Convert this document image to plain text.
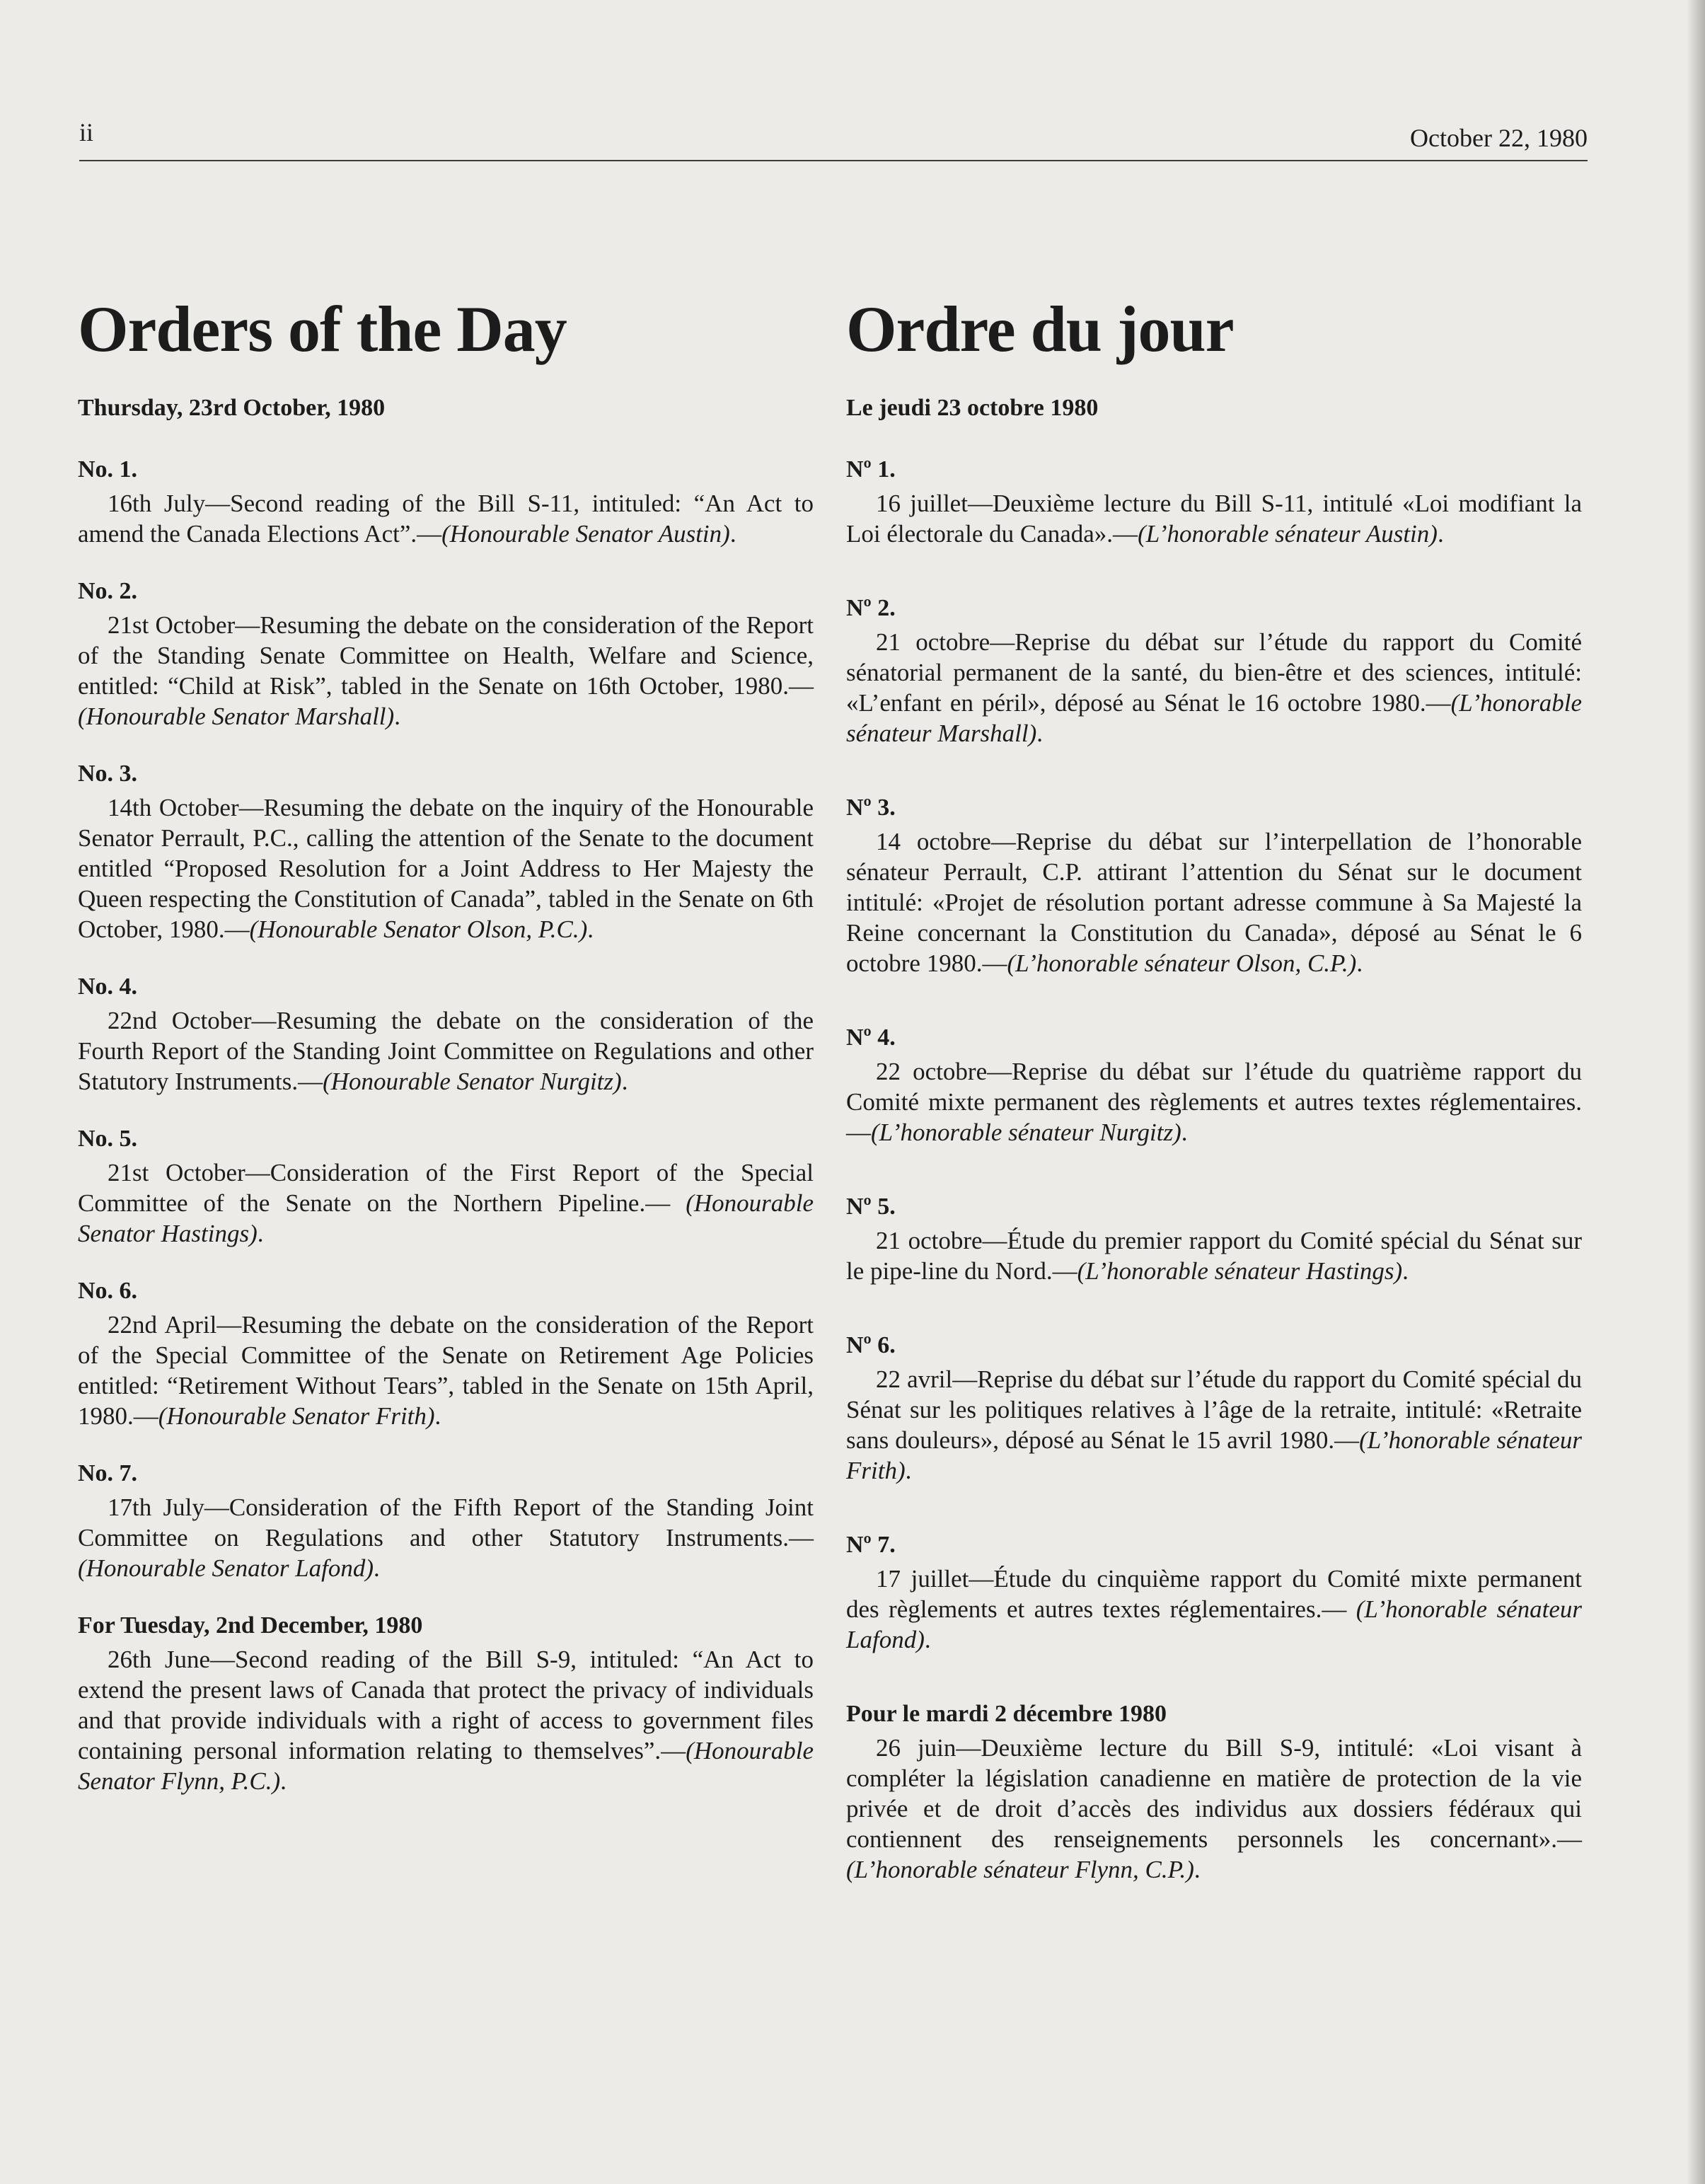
ii	October 22, 1980
Orders of the Day
Thursday, 23rd October, 1980
No. 1.

16th July—Second reading of the Bill S-11, intituled: “An Act to amend the Canada Elections Act”.—(Honourable Senator Austin).

No. 2.

21st October—Resuming the debate on the consideration of the Report of the Standing Senate Committee on Health, Welfare and Science, entitled: “Child at Risk”, tabled in the Senate on 16th October, 1980.—(Honourable Senator Marshall).

No. 3.

14th October—Resuming the debate on the inquiry of the Honourable Senator Perrault, P.C., calling the attention of the Senate to the document entitled “Proposed Resolution for a Joint Address to Her Majesty the Queen respecting the Constitution of Canada”, tabled in the Senate on 6th October, 1980.—(Honourable Senator Olson, P.C.).

No. 4.

22nd October—Resuming the debate on the consideration of the Fourth Report of the Standing Joint Committee on Regulations and other Statutory Instruments.—(Honourable Senator Nurgitz).

No. 5.

21st October—Consideration of the First Report of the Special Committee of the Senate on the Northern Pipeline.— (Honourable Senator Hastings).

No. 6.

22nd April—Resuming the debate on the consideration of the Report of the Special Committee of the Senate on Retirement Age Policies entitled: “Retirement Without Tears”, tabled in the Senate on 15th April, 1980.—(Honourable Senator Frith).

No. 7.

17th July—Consideration of the Fifth Report of the Standing Joint Committee on Regulations and other Statutory Instruments.—(Honourable Senator Lafond).

For Tuesday, 2nd December, 1980

26th June—Second reading of the Bill S-9, intituled: “An Act to extend the present laws of Canada that protect the privacy of individuals and that provide individuals with a right of access to government files containing personal information relating to themselves”.—(Honourable Senator Flynn, P.C.).

Ordre du jour
Le jeudi 23 octobre 1980
Nº 1.

16 juillet—Deuxième lecture du Bill S-11, intitulé «Loi modifiant la Loi électorale du Canada».—(L’honorable sénateur Austin).

Nº 2.

21 octobre—Reprise du débat sur l’étude du rapport du Comité sénatorial permanent de la santé, du bien-être et des sciences, intitulé: «L’enfant en péril», déposé au Sénat le 16 octobre 1980.—(L’honorable sénateur Marshall).

Nº 3.

14 octobre—Reprise du débat sur l’interpellation de l’honorable sénateur Perrault, C.P. attirant l’attention du Sénat sur le document intitulé: «Projet de résolution portant adresse commune à Sa Majesté la Reine concernant la Constitution du Canada», déposé au Sénat le 6 octobre 1980.—(L’honorable sénateur Olson, C.P.).

Nº 4.

22 octobre—Reprise du débat sur l’étude du quatrième rapport du Comité mixte permanent des règlements et autres textes réglementaires.—(L’honorable sénateur Nurgitz).

Nº 5.

21 octobre—Étude du premier rapport du Comité spécial du Sénat sur le pipe-line du Nord.—(L’honorable sénateur Hastings).

Nº 6.

22 avril—Reprise du débat sur l’étude du rapport du Comité spécial du Sénat sur les politiques relatives à l’âge de la retraite, intitulé: «Retraite sans douleurs», déposé au Sénat le 15 avril 1980.—(L’honorable sénateur Frith).

Nº 7.

17 juillet—Étude du cinquième rapport du Comité mixte permanent des règlements et autres textes réglementaires.— (L’honorable sénateur Lafond).

Pour le mardi 2 décembre 1980

26 juin—Deuxième lecture du Bill S-9, intitulé: «Loi visant à compléter la législation canadienne en matière de protection de la vie privée et de droit d’accès des individus aux dossiers fédéraux qui contiennent des renseignements personnels les concernant».—(L’honorable sénateur Flynn, C.P.).
